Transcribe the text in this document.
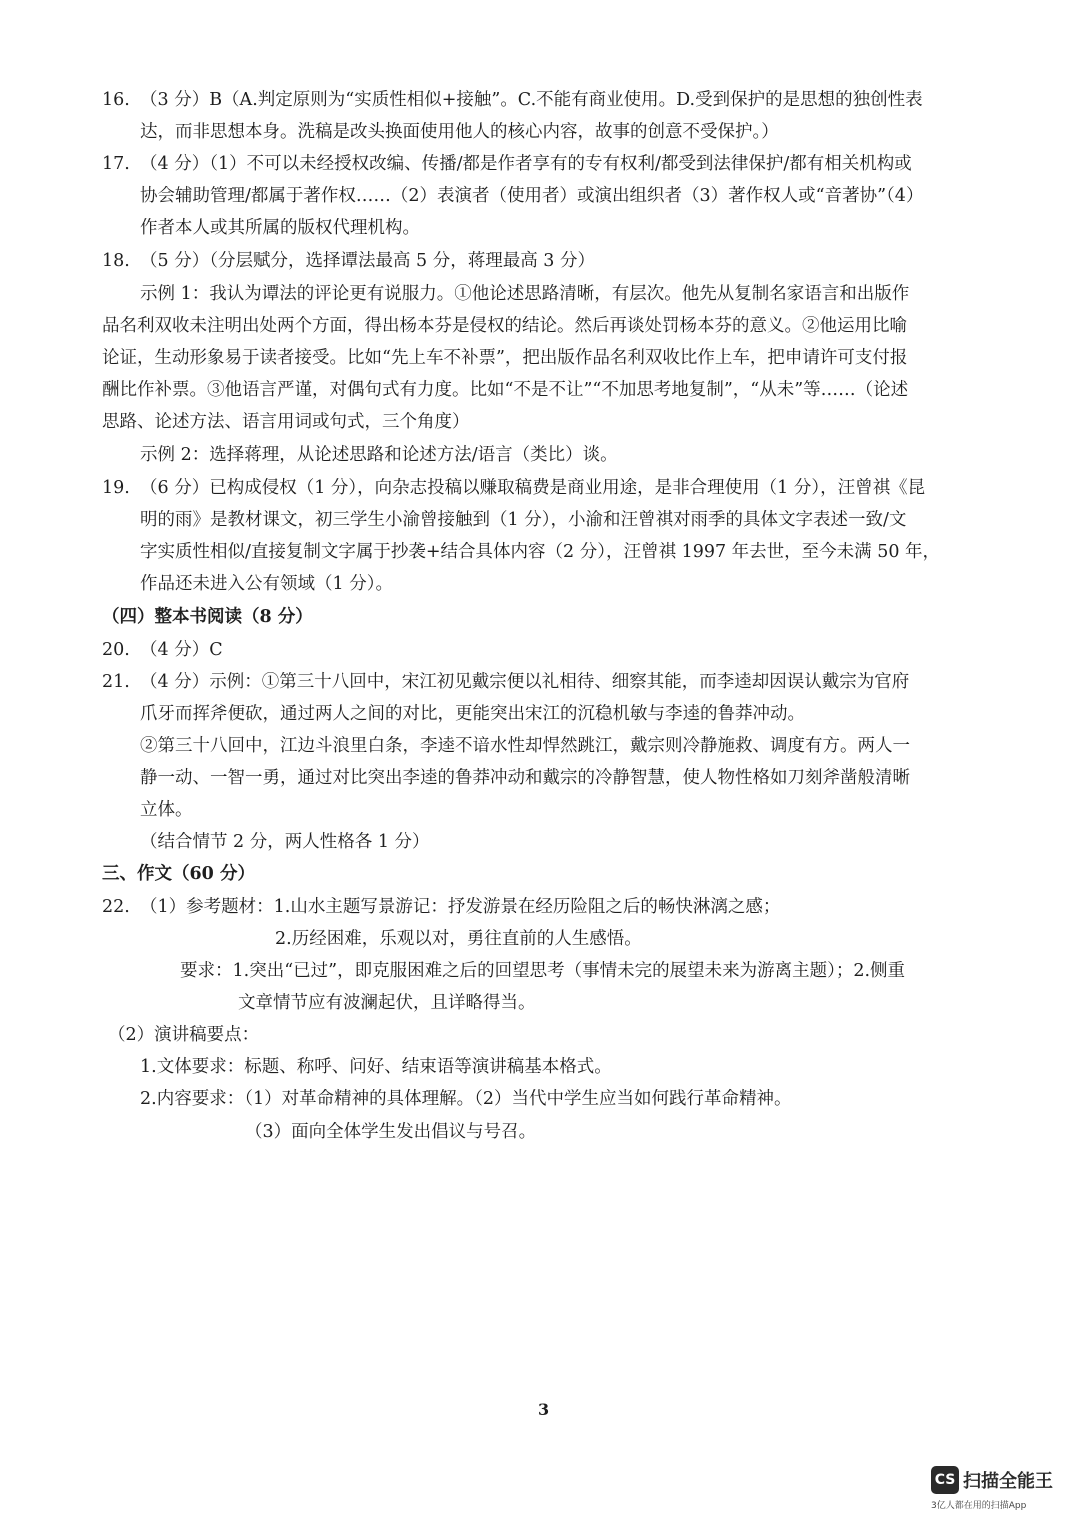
16. （3 分）B（A.判定原则为“实质性相似+接触”。C.不能有商业使用。D.受到保护的是思想的独创性表
达，而非思想本身。洗稿是改头换面使用他人的核心内容，故事的创意不受保护。）
17. （4 分）（1）不可以未经授权改编、传播/都是作者享有的专有权利/都受到法律保护/都有相关机构或
协会辅助管理/都属于著作权……（2）表演者（使用者）或演出组织者（3）著作权人或“音著协”（4）
作者本人或其所属的版权代理机构。
18. （5 分）（分层赋分，选择谭法最高 5 分，蒋理最高 3 分）
示例 1：我认为谭法的评论更有说服力。①他论述思路清晰，有层次。他先从复制名家语言和出版作
品名利双收未注明出处两个方面，得出杨本芬是侵权的结论。然后再谈处罚杨本芬的意义。②他运用比喻
论证，生动形象易于读者接受。比如“先上车不补票”，把出版作品名利双收比作上车，把申请许可支付报
酬比作补票。③他语言严谨，对偶句式有力度。比如“不是不让”“不加思考地复制”，“从未”等……（论述
思路、论述方法、语言用词或句式，三个角度）
示例 2：选择蒋理，从论述思路和论述方法/语言（类比）谈。
19. （6 分）已构成侵权（1 分），向杂志投稿以赚取稿费是商业用途，是非合理使用（1 分），汪曾祺《昆
明的雨》是教材课文，初三学生小渝曾接触到（1 分），小渝和汪曾祺对雨季的具体文字表述一致/文
字实质性相似/直接复制文字属于抄袭+结合具体内容（2 分），汪曾祺 1997 年去世，至今未满 50 年，
作品还未进入公有领域（1 分）。
（四）整本书阅读（8 分）
20. （4 分）C
21. （4 分）示例：①第三十八回中，宋江初见戴宗便以礼相待、细察其能，而李逵却因误认戴宗为官府
爪牙而挥斧便砍，通过两人之间的对比，更能突出宋江的沉稳机敏与李逵的鲁莽冲动。
②第三十八回中，江边斗浪里白条，李逵不谙水性却悍然跳江，戴宗则冷静施救、调度有方。两人一
静一动、一智一勇，通过对比突出李逵的鲁莽冲动和戴宗的冷静智慧，使人物性格如刀刻斧凿般清晰
立体。
（结合情节 2 分，两人性格各 1 分）
三、作文（60 分）
22. （1）参考题材：1.山水主题写景游记：抒发游景在经历险阻之后的畅快淋漓之感；
2.历经困难，乐观以对，勇往直前的人生感悟。
要求：1.突出“已过”，即克服困难之后的回望思考（事情未完的展望未来为游离主题）；2.侧重
文章情节应有波澜起伏，且详略得当。
（2）演讲稿要点：
1.文体要求：标题、称呼、问好、结束语等演讲稿基本格式。
2.内容要求：（1）对革命精神的具体理解。（2）当代中学生应当如何践行革命精神。
（3）面向全体学生发出倡议与号召。
3
CS 扫描全能王
3亿人都在用的扫描App
